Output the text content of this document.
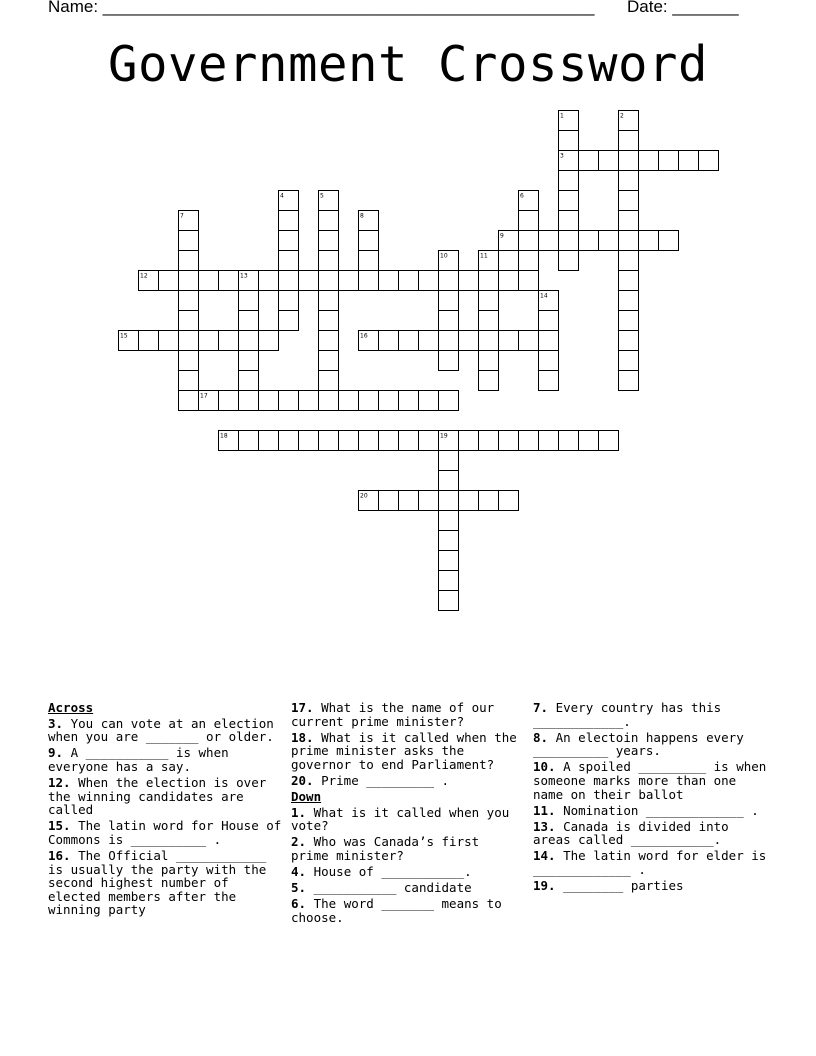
Name: ____________________________________________________ Date: _______
Government Crossword
1	2
3
4	5	6
7	8
9
10	11
12	13
14
15	16
17
18	19
20
Across
3. You can vote at an election when you are _______ or older.
9. A ___________ is when everyone has a say.
12. When the election is over the winning candidates are called
15. The latin word for House of Commons is __________ .
16. The Official ____________ is usually the party with the second highest number of elected members after the winning party
17. What is the name of our current prime minister?
18. What is it called when the prime minister asks the governor to end Parliament?
20. Prime _________ .
Down
1. What is it called when you vote?
2. Who was Canada’s first prime minister?
4. House of ___________.
5. ___________ candidate
6. The word _______ means to choose.
7. Every country has this ____________.
8. An electoin happens every __________ years.
10. A spoiled _________ is when someone marks more than one name on their ballot
11. Nomination _____________ .
13. Canada is divided into areas called ___________.
14. The latin word for elder is _____________ .
19. ________ parties
